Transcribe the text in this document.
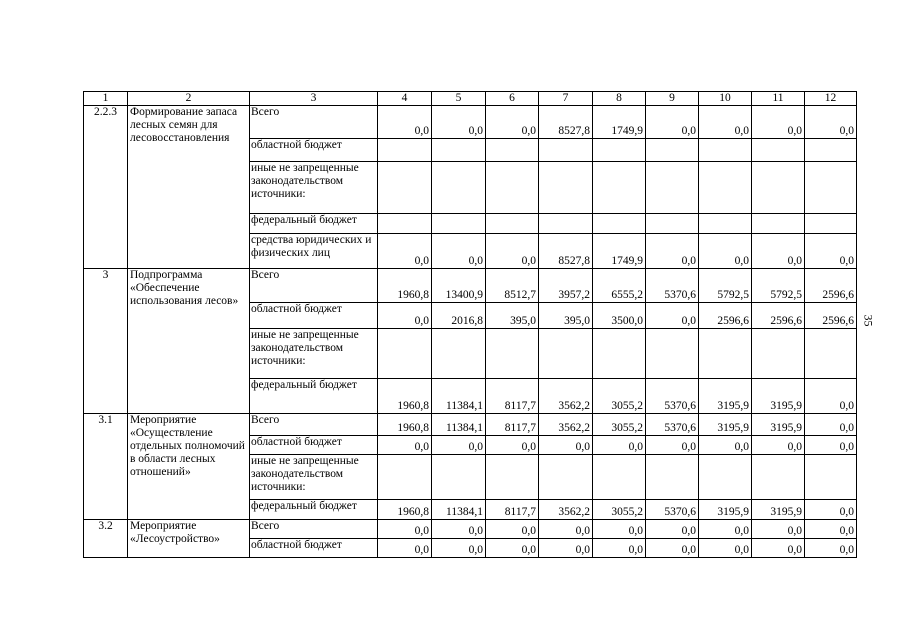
1	2	3	4	5	6	7	8	9	10	11	12
2.2.3	Формирование запаса лесных семян для лесовосстановления	Всего	0,0	0,0	0,0	8527,8	1749,9	0,0	0,0	0,0	0,0
		областной бюджет									
		иные не запрещенные законодательством источники:									
		федеральный бюджет									
		средства юридических и физических лиц	0,0	0,0	0,0	8527,8	1749,9	0,0	0,0	0,0	0,0
3	Подпрограмма «Обеспечение использования лесов»	Всего	1960,8	13400,9	8512,7	3957,2	6555,2	5370,6	5792,5	5792,5	2596,6
		областной бюджет	0,0	2016,8	395,0	395,0	3500,0	0,0	2596,6	2596,6	2596,6
		иные не запрещенные законодательством источники:									
		федеральный бюджет	1960,8	11384,1	8117,7	3562,2	3055,2	5370,6	3195,9	3195,9	0,0
3.1	Мероприятие «Осуществление отдельных полномочий в области лесных отношений»	Всего	1960,8	11384,1	8117,7	3562,2	3055,2	5370,6	3195,9	3195,9	0,0
		областной бюджет	0,0	0,0	0,0	0,0	0,0	0,0	0,0	0,0	0,0
		иные не запрещенные законодательством источники:									
		федеральный бюджет	1960,8	11384,1	8117,7	3562,2	3055,2	5370,6	3195,9	3195,9	0,0
3.2	Мероприятие «Лесоустройство»	Всего	0,0	0,0	0,0	0,0	0,0	0,0	0,0	0,0	0,0
		областной бюджет	0,0	0,0	0,0	0,0	0,0	0,0	0,0	0,0	0,0
35
